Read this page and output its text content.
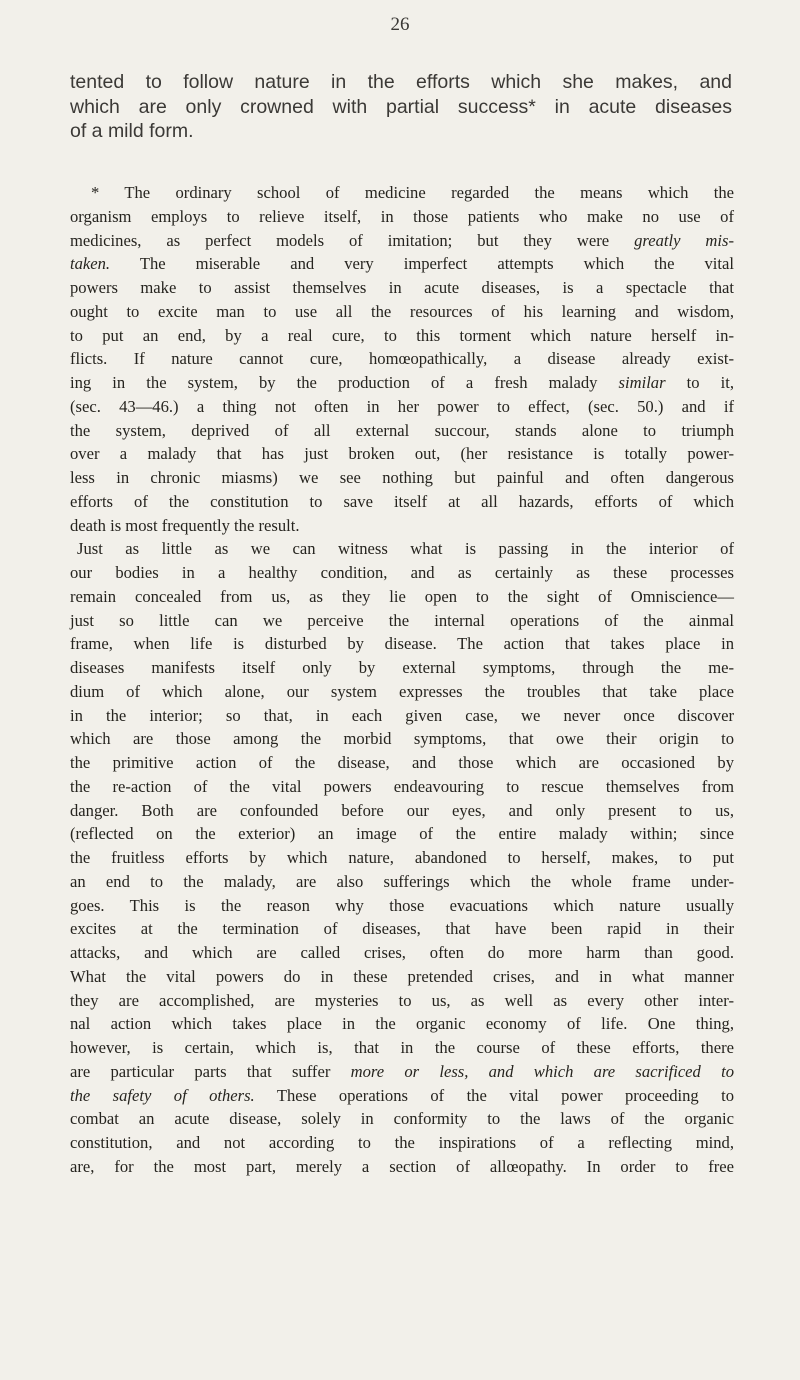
26

tented to follow nature in the efforts which she makes, and
which are only crowned with partial success* in acute diseases
of a mild form.

* The ordinary school of medicine regarded the means which the
organism employs to relieve itself, in those patients who make no use of
medicines, as perfect models of imitation; but they were greatly mis-
taken. The miserable and very imperfect attempts which the vital
powers make to assist themselves in acute diseases, is a spectacle that
ought to excite man to use all the resources of his learning and wisdom,
to put an end, by a real cure, to this torment which nature herself in-
flicts. If nature cannot cure, homœopathically, a disease already exist-
ing in the system, by the production of a fresh malady similar to it,
(sec. 43—46.) a thing not often in her power to effect, (sec. 50.) and if
the system, deprived of all external succour, stands alone to triumph
over a malady that has just broken out, (her resistance is totally power-
less in chronic miasms) we see nothing but painful and often dangerous
efforts of the constitution to save itself at all hazards, efforts of which
death is most frequently the result.
Just as little as we can witness what is passing in the interior of
our bodies in a healthy condition, and as certainly as these processes
remain concealed from us, as they lie open to the sight of Omniscience—
just so little can we perceive the internal operations of the ainmal
frame, when life is disturbed by disease. The action that takes place in
diseases manifests itself only by external symptoms, through the me-
dium of which alone, our system expresses the troubles that take place
in the interior; so that, in each given case, we never once discover
which are those among the morbid symptoms, that owe their origin to
the primitive action of the disease, and those which are occasioned by
the re-action of the vital powers endeavouring to rescue themselves from
danger. Both are confounded before our eyes, and only present to us,
(reflected on the exterior) an image of the entire malady within; since
the fruitless efforts by which nature, abandoned to herself, makes, to put
an end to the malady, are also sufferings which the whole frame under-
goes. This is the reason why those evacuations which nature usually
excites at the termination of diseases, that have been rapid in their
attacks, and which are called crises, often do more harm than good.
What the vital powers do in these pretended crises, and in what manner
they are accomplished, are mysteries to us, as well as every other inter-
nal action which takes place in the organic economy of life. One thing,
however, is certain, which is, that in the course of these efforts, there
are particular parts that suffer more or less, and which are sacrificed to
the safety of others. These operations of the vital power proceeding to
combat an acute disease, solely in conformity to the laws of the organic
constitution, and not according to the inspirations of a reflecting mind,
are, for the most part, merely a section of allœopathy. In order to free
